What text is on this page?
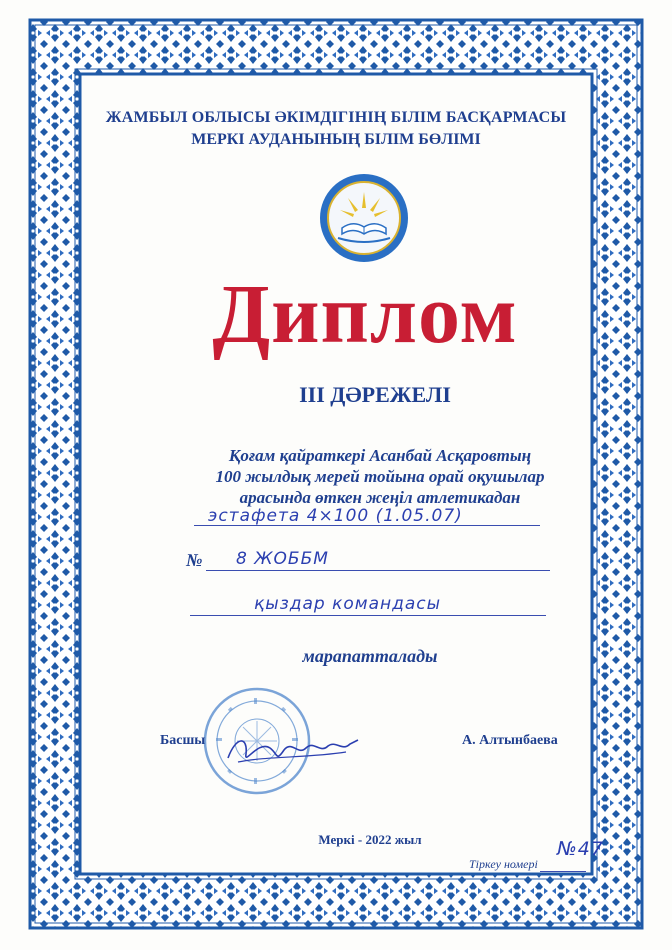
ЖАМБЫЛ ОБЛЫСЫ ӘКІМДІГІНІҢ БІЛІМ БАСҚАРМАСЫ

МЕРКІ АУДАНЫНЫҢ БІЛІМ БӨЛІМІ

Диплом

III ДӘРЕЖЕЛІ

Қоғам қайраткері Асанбай Асқаровтың
100 жылдық мерей тойына орай оқушылар
арасында өткен жеңіл атлетикадан
эстафета 4×100 (1.05.07)

№ 8 ЖОББМ
қыздар командасы

марапатталады

Басшы	А. Алтынбаева

Меркі - 2022 жыл

Тіркеу номері

№47
